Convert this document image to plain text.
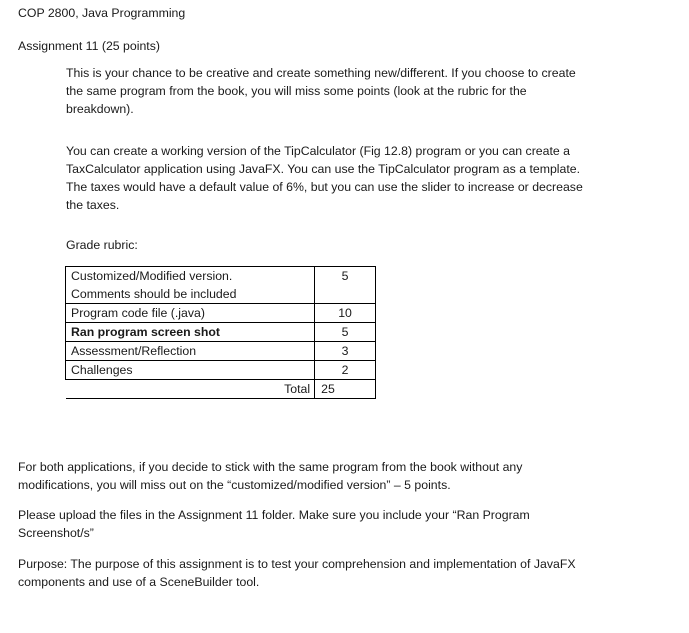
COP 2800, Java Programming

Assignment 11 (25 points)

This is your chance to be creative and create something new/different. If you choose to create
the same program from the book, you will miss some points (look at the rubric for the
breakdown).

You can create a working version of the TipCalculator (Fig 12.8) program or you can create a
TaxCalculator application using JavaFX. You can use the TipCalculator program as a template.
The taxes would have a default value of 6%, but you can use the slider to increase or decrease
the taxes.

Grade rubric:

Customized/Modified version.	5
Comments should be included	
Program code file (.java)	10
Ran program screen shot	5
Assessment/Reflection	3
Challenges	2
Total	25

For both applications, if you decide to stick with the same program from the book without any
modifications, you will miss out on the “customized/modified version” – 5 points.

Please upload the files in the Assignment 11 folder. Make sure you include your “Ran Program
Screenshot/s”

Purpose: The purpose of this assignment is to test your comprehension and implementation of JavaFX
components and use of a SceneBuilder tool.
